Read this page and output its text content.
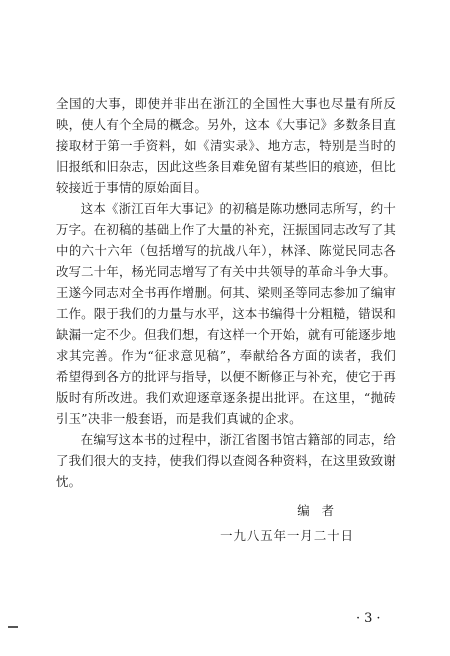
全国的大事，即使并非出在浙江的全国性大事也尽量有所反映，使人有个全局的概念。另外，这本《大事记》多数条目直接取材于第一手资料，如《清实录》、地方志，特别是当时的旧报纸和旧杂志，因此这些条目难免留有某些旧的痕迹，但比较接近于事情的原始面目。

这本《浙江百年大事记》的初稿是陈功懋同志所写，约十万字。在初稿的基础上作了大量的补充，汪振国同志改写了其中的六十六年（包括增写的抗战八年），林泽、陈觉民同志各改写二十年，杨光同志增写了有关中共领导的革命斗争大事。王遂今同志对全书再作增删。何其、梁则圣等同志参加了编审工作。限于我们的力量与水平，这本书编得十分粗糙，错误和缺漏一定不少。但我们想，有这样一个开始，就有可能逐步地求其完善。作为“征求意见稿”，奉献给各方面的读者，我们希望得到各方的批评与指导，以便不断修正与补充，使它于再版时有所改进。我们欢迎逐章逐条提出批评。在这里，“抛砖引玉”决非一般套语，而是我们真诚的企求。

在编写这本书的过程中，浙江省图书馆古籍部的同志，给了我们很大的支持，使我们得以查阅各种资料，在这里致致谢忱。

编者
一九八五年一月二十日
·3·
